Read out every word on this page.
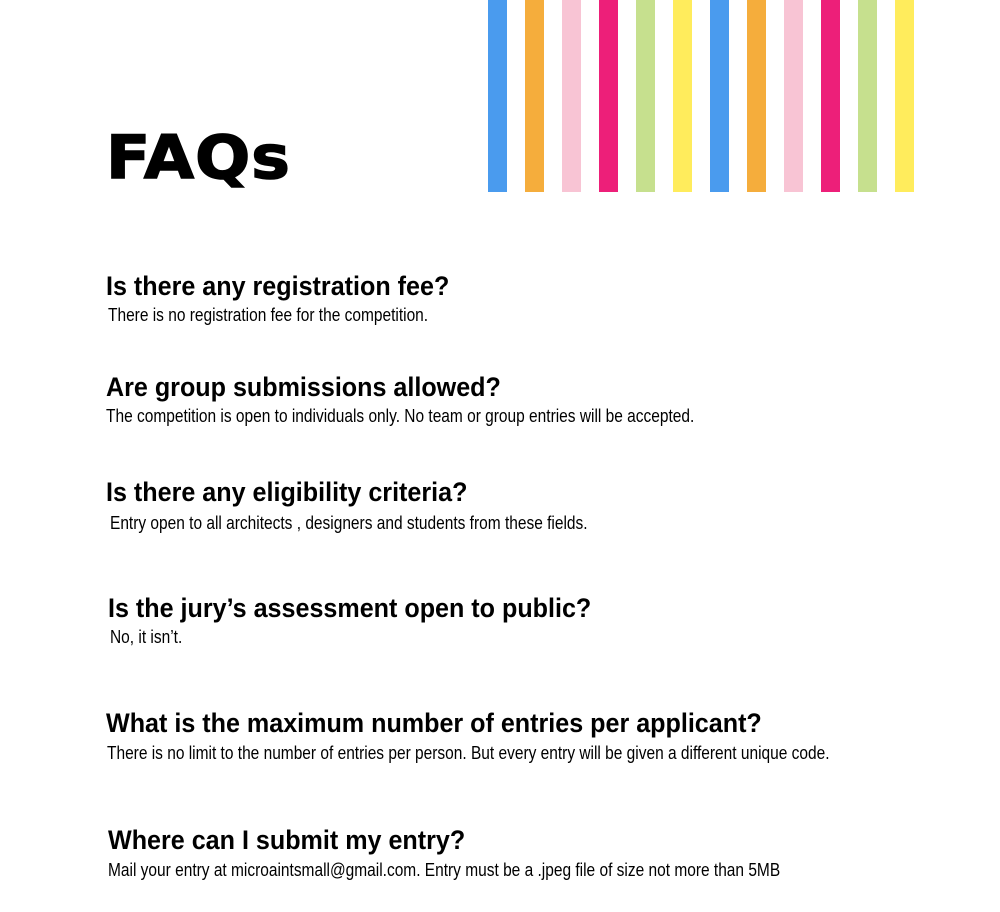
FAQs
Is there any registration fee?

There is no registration fee for the competition.

Are group submissions allowed?

The competition is open to individuals only. No team or group entries will be accepted.

Is there any eligibility criteria?

Entry open to all architects , designers and students from these fields.

Is the jury’s assessment open to public?

No, it isn’t.

What is the maximum number of entries per applicant?

There is no limit to the number of entries per person. But every entry will be given a different unique code.

Where can I submit my entry?

Mail your entry at microaintsmall@gmail.com. Entry must be a .jpeg file of size not more than 5MB
